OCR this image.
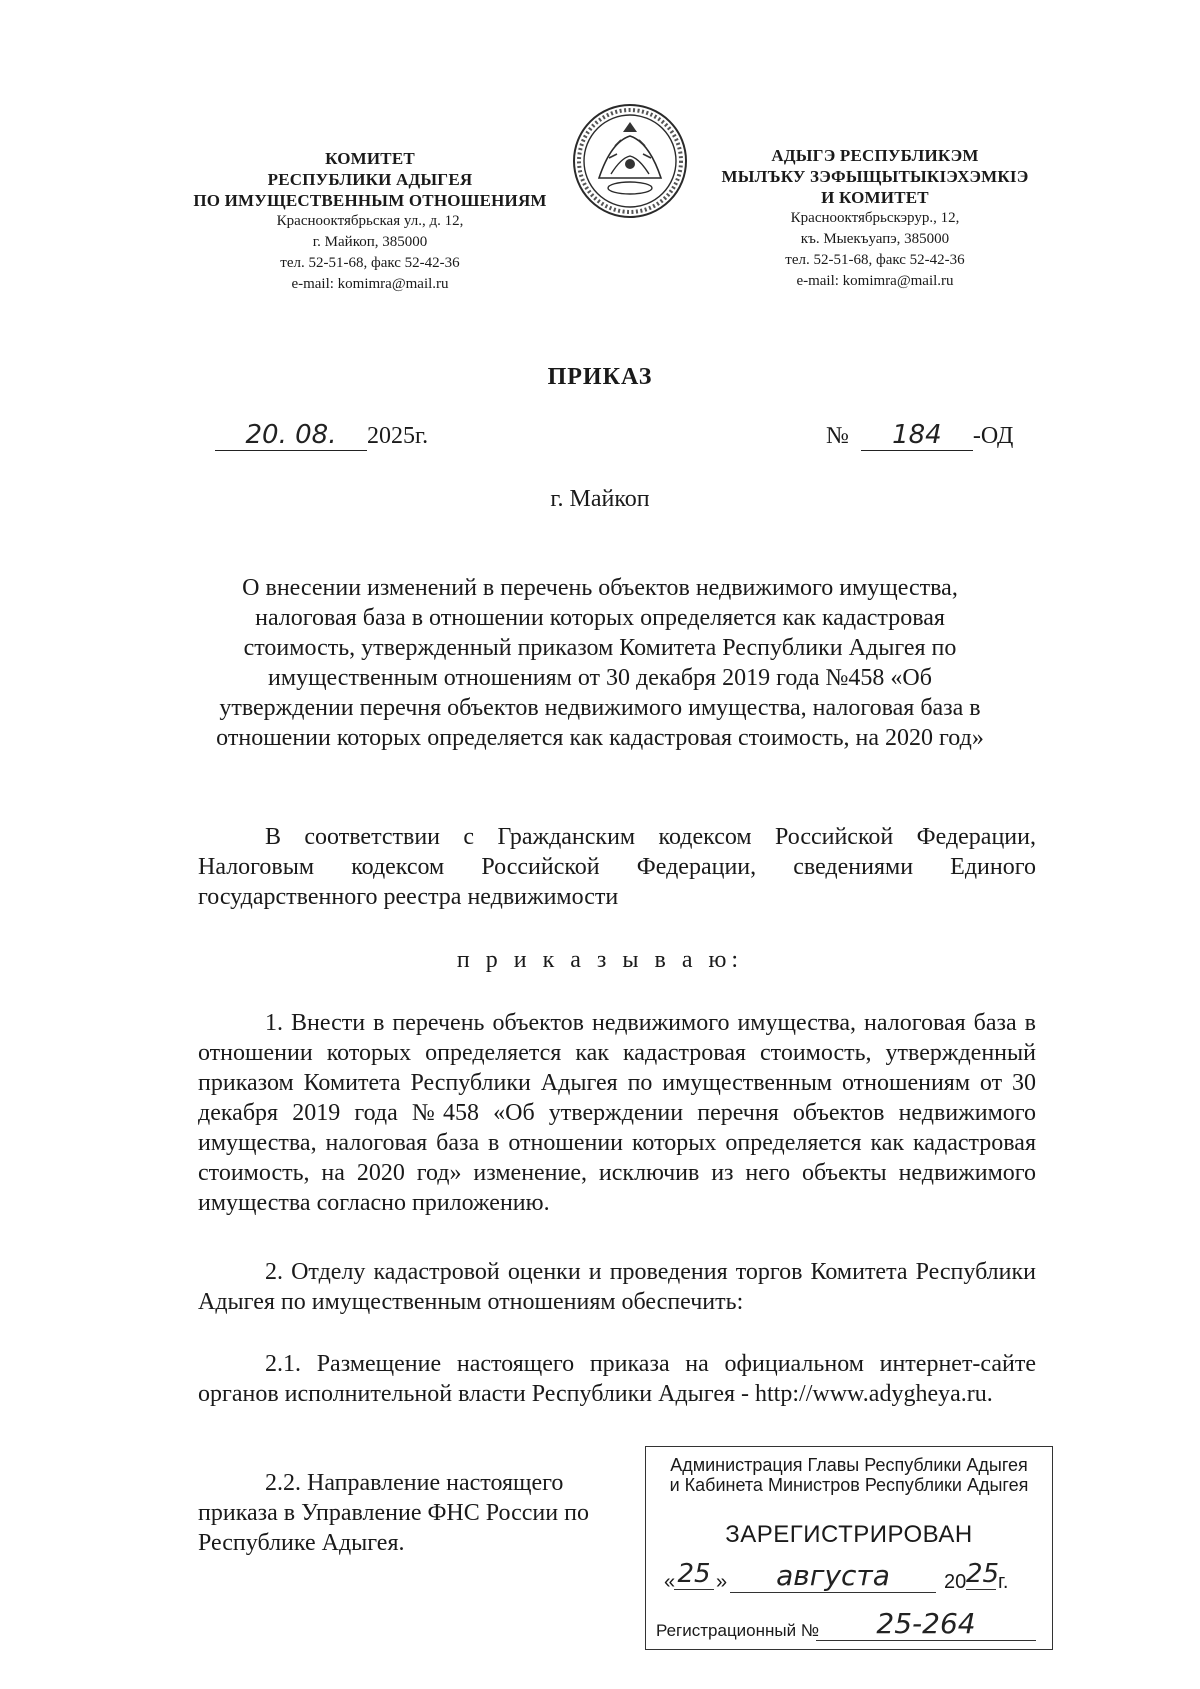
КОМИТЕТ
РЕСПУБЛИКИ АДЫГЕЯ
ПО ИМУЩЕСТВЕННЫМ ОТНОШЕНИЯМ
Краснооктябрьская ул., д. 12,
г. Майкоп, 385000
тел. 52-51-68, факс 52-42-36
e-mail: komimra@mail.ru
АДЫГЭ РЕСПУБЛИКЭМ
МЫЛЪКУ ЗЭФЫЩЫТЫКIЭХЭМКIЭ
И КОМИТЕТ
Краснооктябрьскэрур., 12,
къ. Мыекъуапэ, 385000
тел. 52-51-68, факс 52-42-36
e-mail: komimra@mail.ru
ПРИКАЗ
20. 08. 2025г.	№ 184 -ОД
г. Майкоп
О внесении изменений в перечень объектов недвижимого имущества,
налоговая база в отношении которых определяется как кадастровая
стоимость, утвержденный приказом Комитета Республики Адыгея по
имущественным отношениям от 30 декабря 2019 года №458 «Об
утверждении перечня объектов недвижимого имущества, налоговая база в
отношении которых определяется как кадастровая стоимость, на 2020 год»
В соответствии с Гражданским кодексом Российской Федерации, Налоговым кодексом Российской Федерации, сведениями Единого государственного реестра недвижимости
п р и к а з ы в а ю:
1. Внести в перечень объектов недвижимого имущества, налоговая база в отношении которых определяется как кадастровая стоимость, утвержденный приказом Комитета Республики Адыгея по имущественным отношениям от 30 декабря 2019 года №458 «Об утверждении перечня объектов недвижимого имущества, налоговая база в отношении которых определяется как кадастровая стоимость, на 2020 год» изменение, исключив из него объекты недвижимого имущества согласно приложению.
2. Отделу кадастровой оценки и проведения торгов Комитета Республики Адыгея по имущественным отношениям обеспечить:
2.1. Размещение настоящего приказа на официальном интернет-сайте органов исполнительной власти Республики Адыгея - http://www.adygheya.ru.
2.2. Направление настоящего приказа в Управление ФНС России по Республике Адыгея.
Администрация Главы Республики Адыгея
и Кабинета Министров Республики Адыгея
ЗАРЕГИСТРИРОВАН
« 25 »	августа	20 25
г.
Регистрационный №	25-264
